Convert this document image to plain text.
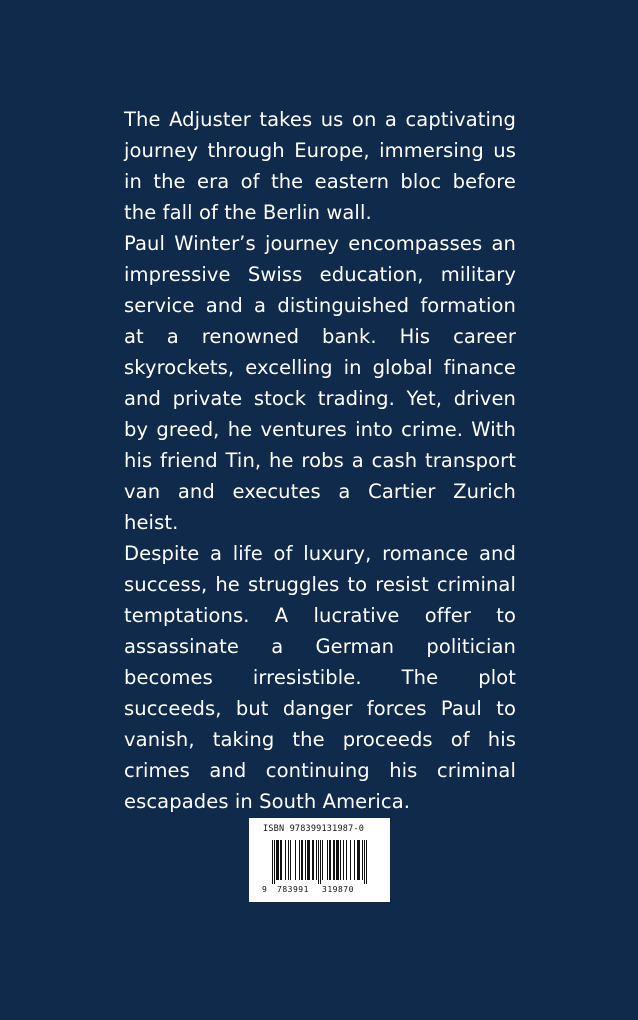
The Adjuster takes us on a captivating journey through Europe, immersing us in the era of the eastern bloc before the fall of the Berlin wall.

Paul Winter’s journey encompasses an impressive Swiss education, military service and a distinguished formation at a renowned bank. His career skyrockets, excelling in global finance and private stock trading. Yet, driven by greed, he ventures into crime. With his friend Tin, he robs a cash transport van and executes a Cartier Zurich heist.

Despite a life of luxury, romance and success, he struggles to resist criminal temptations. A lucrative offer to assassinate a German politician becomes irresistible. The plot succeeds, but danger forces Paul to vanish, taking the proceeds of his crimes and continuing his criminal escapades in South America.

ISBN 978399131987-0
9 783991 319870
